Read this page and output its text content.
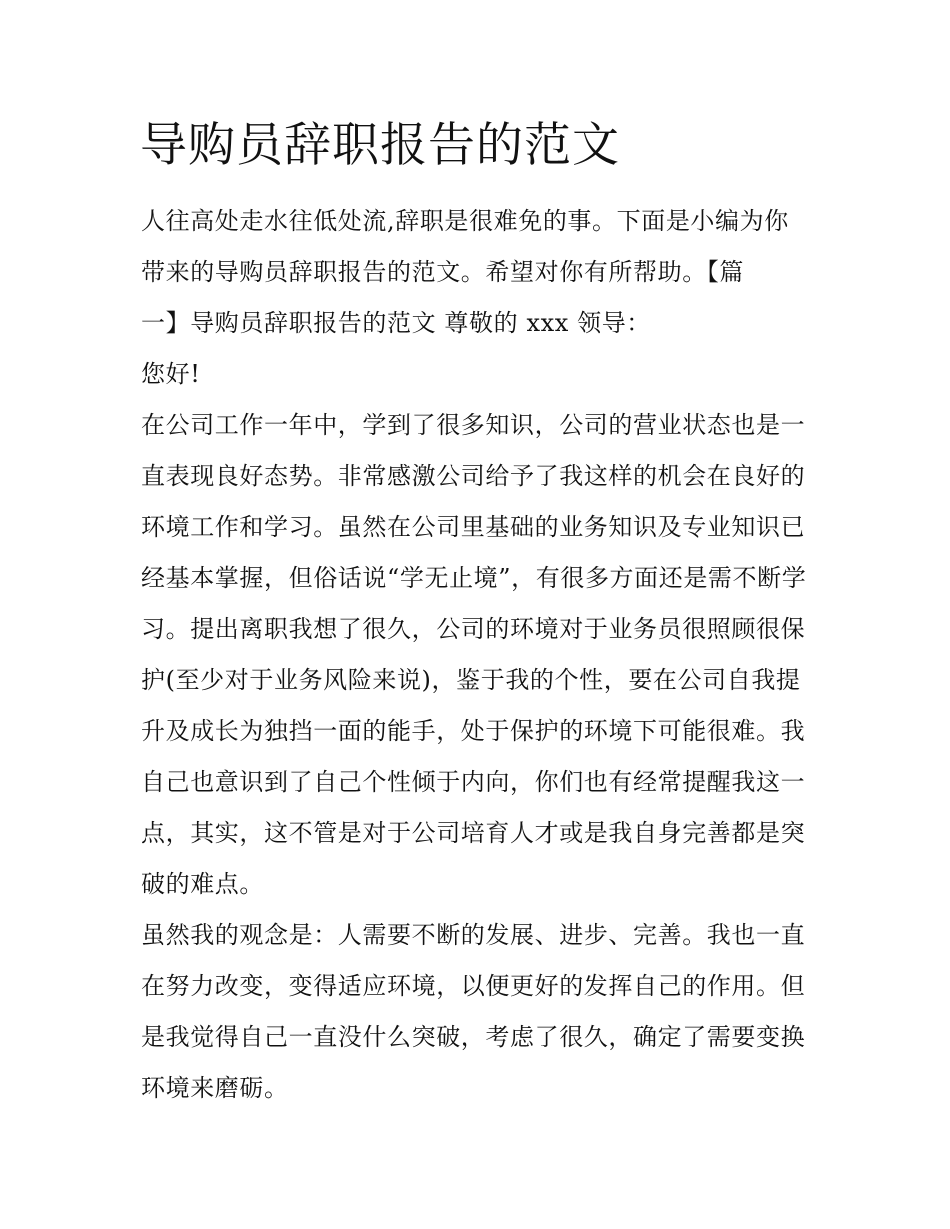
导购员辞职报告的范文

人往高处走水往低处流,辞职是很难免的事。下面是小编为你

带来的导购员辞职报告的范文。希望对你有所帮助。【篇

一】导购员辞职报告的范文 尊敬的 xxx 领导：

您好!

在公司工作一年中，学到了很多知识，公司的营业状态也是一

直表现良好态势。非常感激公司给予了我这样的机会在良好的

环境工作和学习。虽然在公司里基础的业务知识及专业知识已

经基本掌握，但俗话说“学无止境”，有很多方面还是需不断学

习。提出离职我想了很久，公司的环境对于业务员很照顾很保

护(至少对于业务风险来说)，鉴于我的个性，要在公司自我提

升及成长为独挡一面的能手，处于保护的环境下可能很难。我

自己也意识到了自己个性倾于内向，你们也有经常提醒我这一

点，其实，这不管是对于公司培育人才或是我自身完善都是突

破的难点。

虽然我的观念是：人需要不断的发展、进步、完善。我也一直

在努力改变，变得适应环境，以便更好的发挥自己的作用。但

是我觉得自己一直没什么突破，考虑了很久，确定了需要变换

环境来磨砺。
